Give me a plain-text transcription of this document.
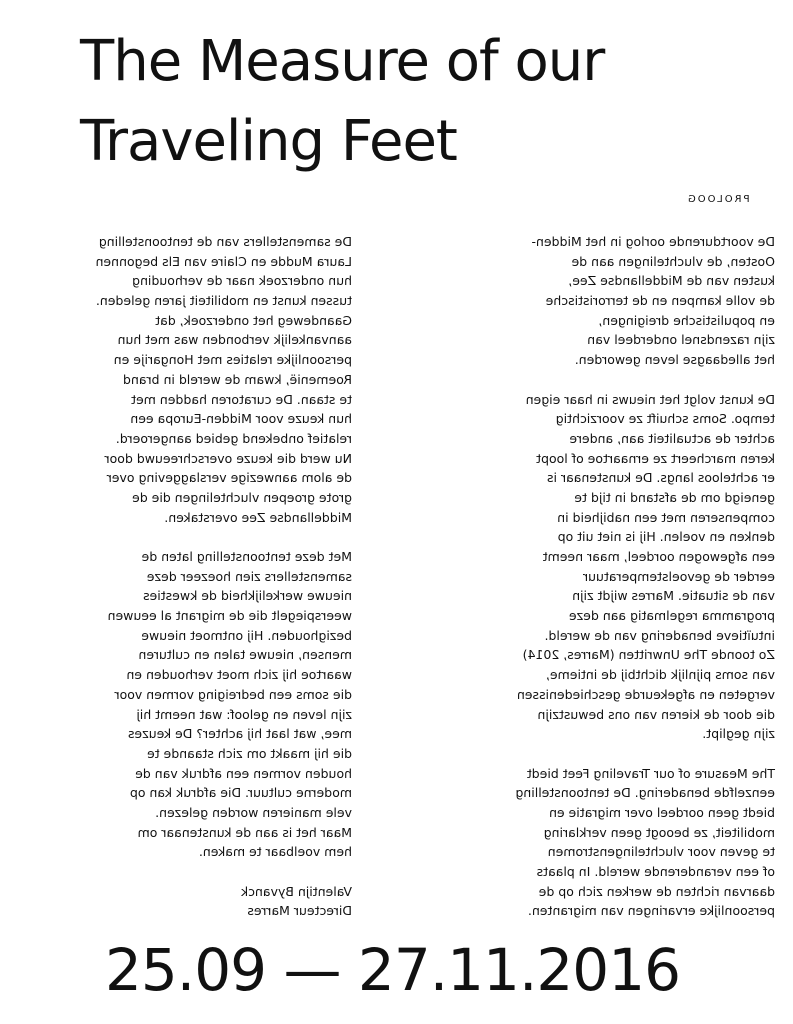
The Measure of our
Traveling Feet
PROLOOG
De samenstellers van de tentoonstelling
Laura Mudde en Claire van Els begonnen
hun onderzoek naar de verhouding
tussen kunst en mobiliteit jaren geleden.
Gaandeweg het onderzoek, dat
aanvankelijk verbonden was met hun
persoonlijke relaties met Hongarije en
Roemenië, kwam de wereld in brand
te staan. De curatoren hadden met
hun keuze voor Midden-Europa een
relatief onbekend gebied aangeroerd.
Nu werd die keuze overschreeuwd door
de alom aanwezige verslaggeving over
grote groepen vluchtelingen die de
Middellandse Zee overstaken.
Met deze tentoonstelling laten de
samenstellers zien hoezeer deze
nieuwe werkelijkheid de kwesties
weerspiegelt die de migrant al eeuwen
bezighouden. Hij ontmoet nieuwe
mensen, nieuwe talen en culturen
waartoe hij zich moet verhouden en
die soms een bedreiging vormen voor
zijn leven en geloof: wat neemt hij
mee, wat laat hij achter? De keuzes
die hij maakt om zich staande te
houden vormen een afdruk van de
moderne cultuur. Die afdruk kan op
vele manieren worden gelezen.
Maar het is aan de kunstenaar om
hem voelbaar te maken.
Valentijn Byvanck
Directeur Marres
De voortdurende oorlog in het Midden-
Oosten, de vluchtelingen aan de
kusten van de Middellandse Zee,
de volle kampen en de terroristische
en populistische dreigingen,
zijn razendsnel onderdeel van
het alledaagse leven geworden.
De kunst volgt het nieuws in haar eigen
tempo. Soms schuift ze voorzichtig
achter de actualiteit aan, andere
keren marcheert ze ernaartoe of loopt
er achteloos langs. De kunstenaar is
geneigd om de afstand in tijd te
compenseren met een nabijheid in
denken en voelen. Hij is niet uit op
een afgewogen oordeel, maar neemt
eerder de gevoelstemperatuur
van de situatie. Marres wijdt zijn
programma regelmatig aan deze
intuïtieve benadering van de wereld.
Zo toonde The Unwritten (Marres, 2014)
van soms pijnlijk dichtbij de intieme,
vergeten en afgekeurde geschiedenissen
die door de kieren van ons bewustzijn
zijn geglipt.
The Measure of our Traveling Feet biedt
eenzelfde benadering. De tentoonstelling
biedt geen oordeel over migratie en
mobiliteit, ze beoogt geen verklaring
te geven voor vluchtelingenstromen
of een veranderende wereld. In plaats
daarvan richten de werken zich op de
persoonlijke ervaringen van migranten.
25.09 — 27.11.2016
